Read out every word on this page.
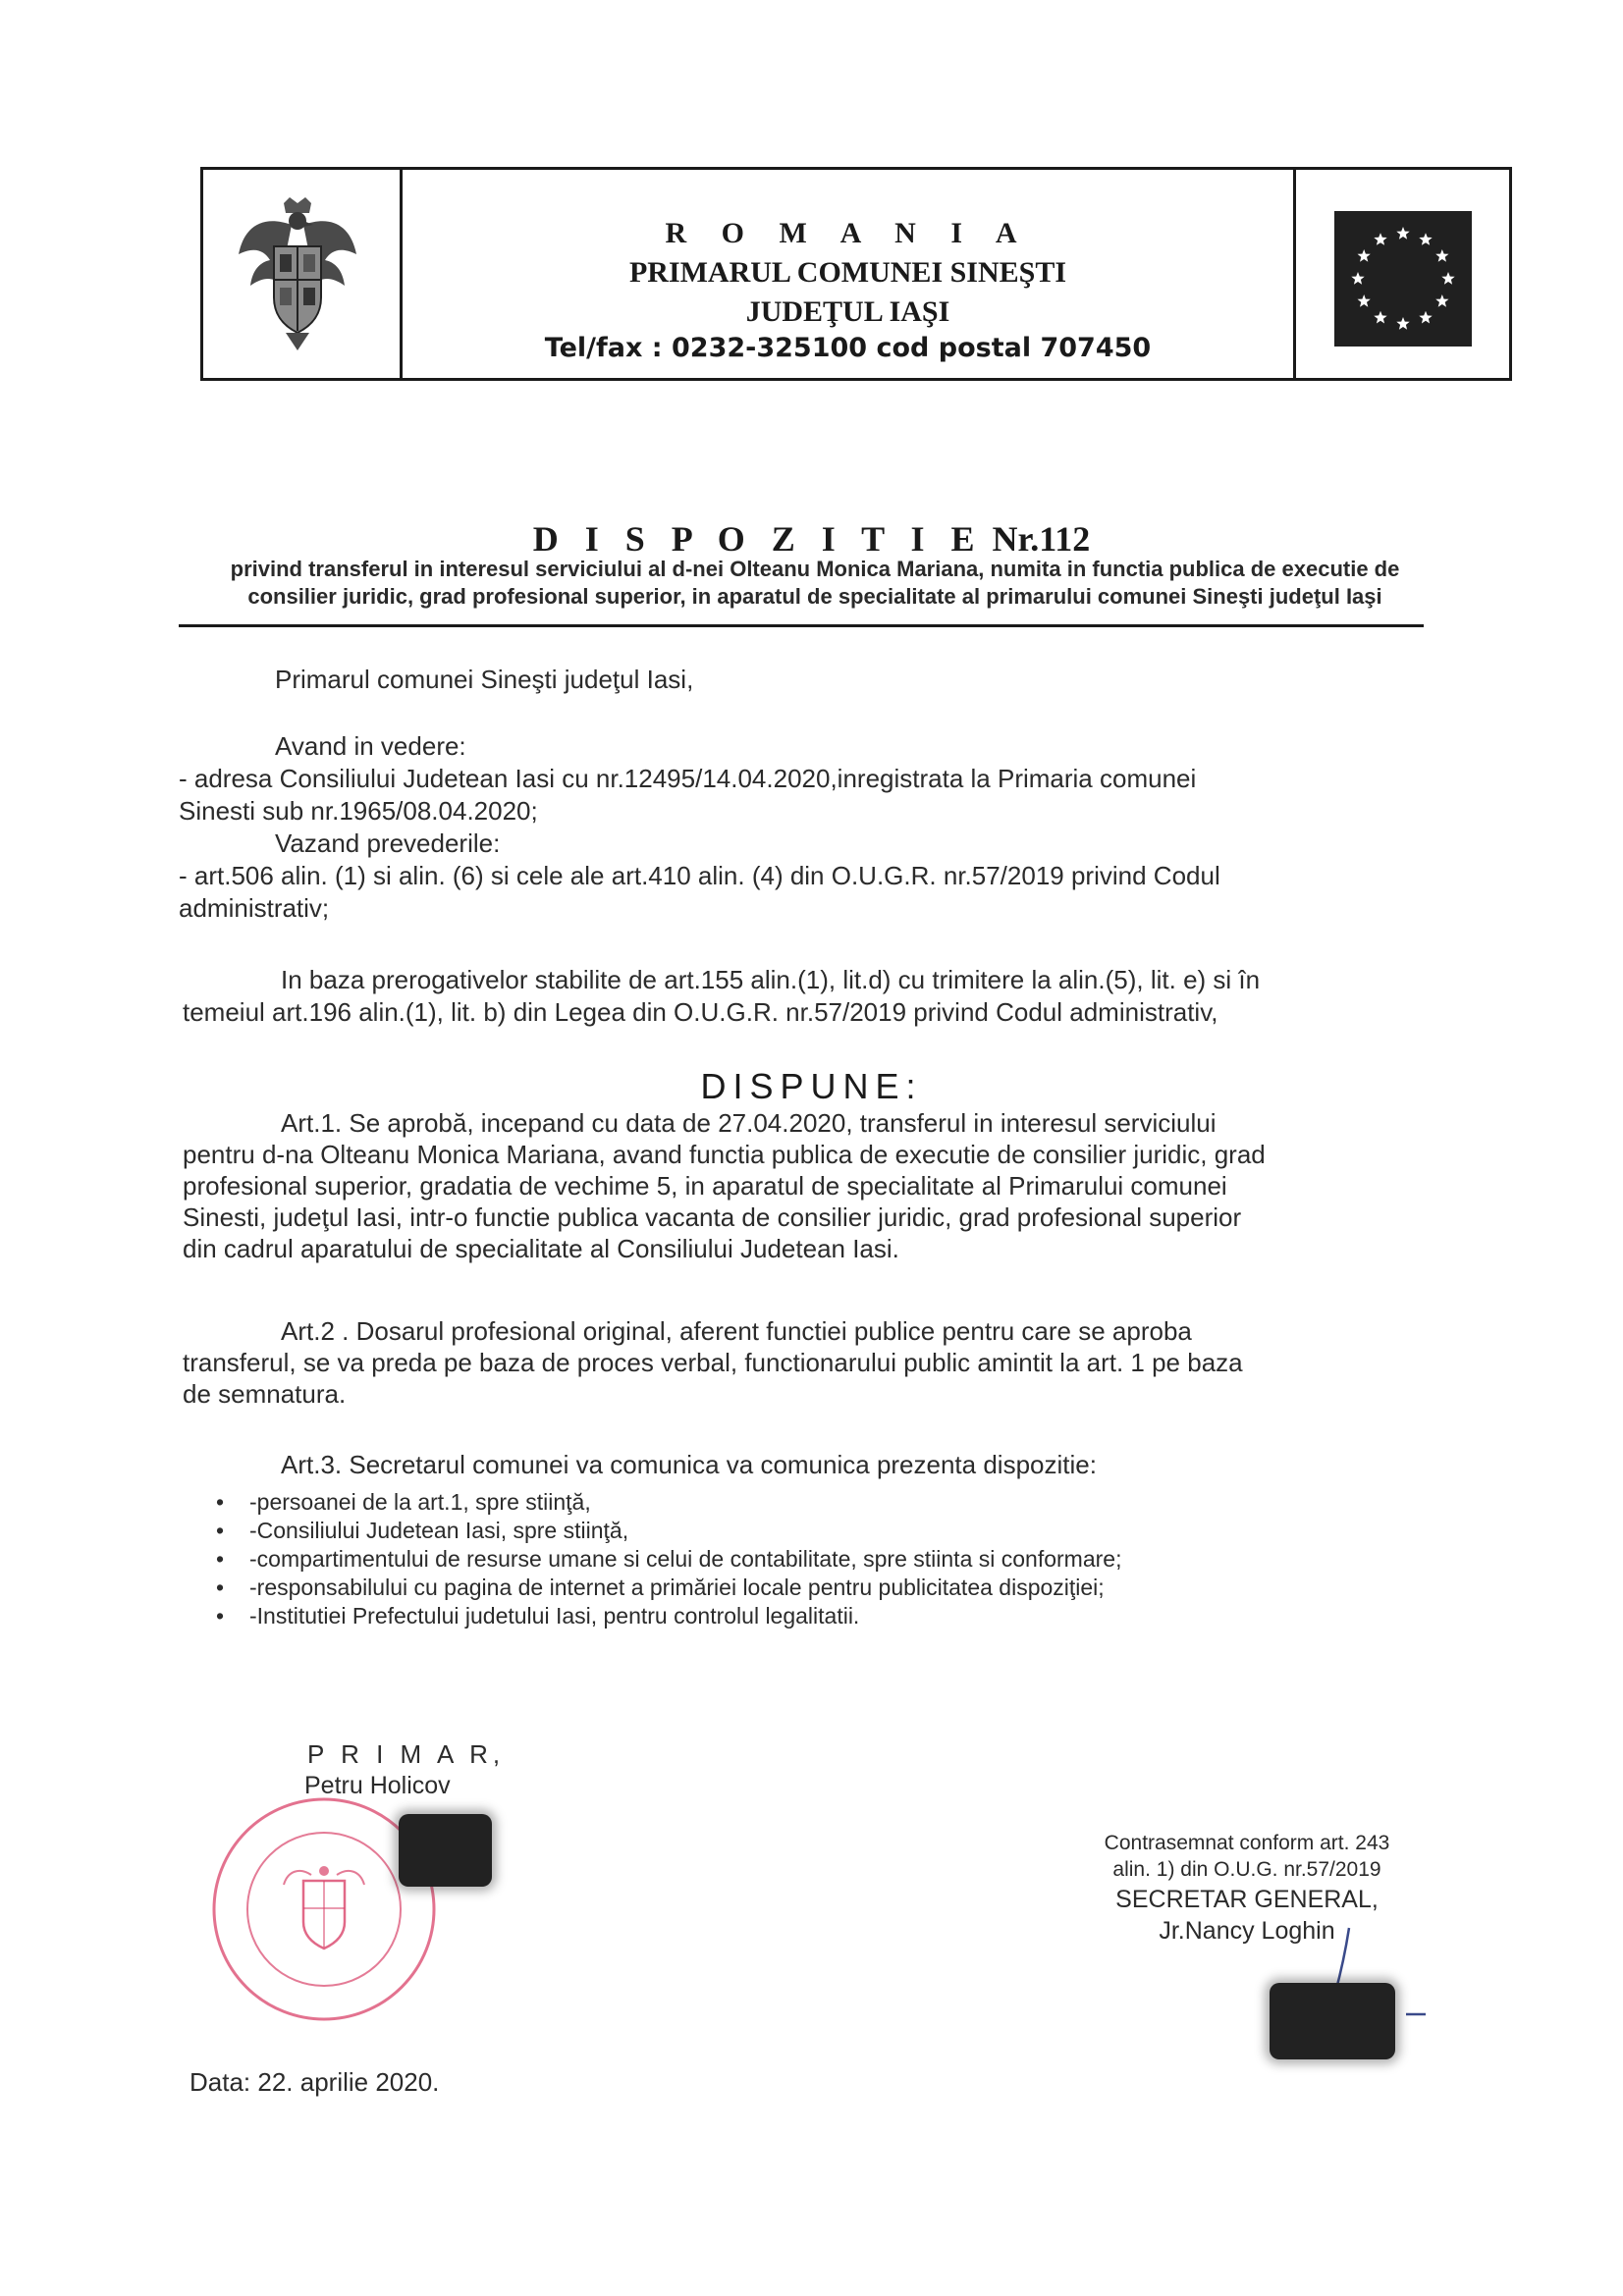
R O M A N I A
PRIMARUL COMUNEI SINEŞTI
JUDEŢUL IAŞI
Tel/fax : 0232-325100 cod postal 707450
D I S P O Z I T I E Nr.112
privind transferul in interesul serviciului al d-nei Olteanu Monica Mariana, numita in functia publica de executie de
consilier juridic, grad profesional superior, in aparatul de specialitate al primarului comunei Sineşti judeţul Iaşi
Primarul comunei Sineşti judeţul Iasi,

Avand in vedere:

- adresa Consiliului Judetean Iasi cu nr.12495/14.04.2020,inregistrata la Primaria comunei

Sinesti sub nr.1965/08.04.2020;

Vazand prevederile:

- art.506 alin. (1) si alin. (6) si cele ale art.410 alin. (4) din O.U.G.R. nr.57/2019 privind Codul

administrativ;

In baza prerogativelor stabilite de art.155 alin.(1), lit.d) cu trimitere la alin.(5), lit. e) si în

temeiul art.196 alin.(1), lit. b) din Legea din O.U.G.R. nr.57/2019 privind Codul administrativ,

DISPUNE:

Art.1. Se aprobă, incepand cu data de 27.04.2020, transferul in interesul serviciului

pentru d-na Olteanu Monica Mariana, avand functia publica de executie de consilier juridic, grad

profesional superior, gradatia de vechime 5, in aparatul de specialitate al Primarului comunei

Sinesti, judeţul Iasi, intr-o functie publica vacanta de consilier juridic, grad profesional superior

din cadrul aparatului de specialitate al Consiliului Judetean Iasi.

Art.2 . Dosarul profesional original, aferent functiei publice pentru care se aproba

transferul, se va preda pe baza de proces verbal, functionarului public amintit la art. 1 pe baza

de semnatura.

Art.3. Secretarul comunei va comunica va comunica prezenta dispozitie:
• -persoanei de la art.1, spre stiinţă,
• -Consiliului Judetean Iasi, spre stiinţă,
• -compartimentului de resurse umane si celui de contabilitate, spre stiinta si conformare;
• -responsabilului cu pagina de internet a primăriei locale pentru publicitatea dispoziţiei;
• -Institutiei Prefectului judetului Iasi, pentru controlul legalitatii.
P R I M A R,
Petru Holicov
Contrasemnat conform art. 243
alin. 1) din O.U.G. nr.57/2019
SECRETAR GENERAL,
Jr.Nancy Loghin
Data: 22. aprilie 2020.
